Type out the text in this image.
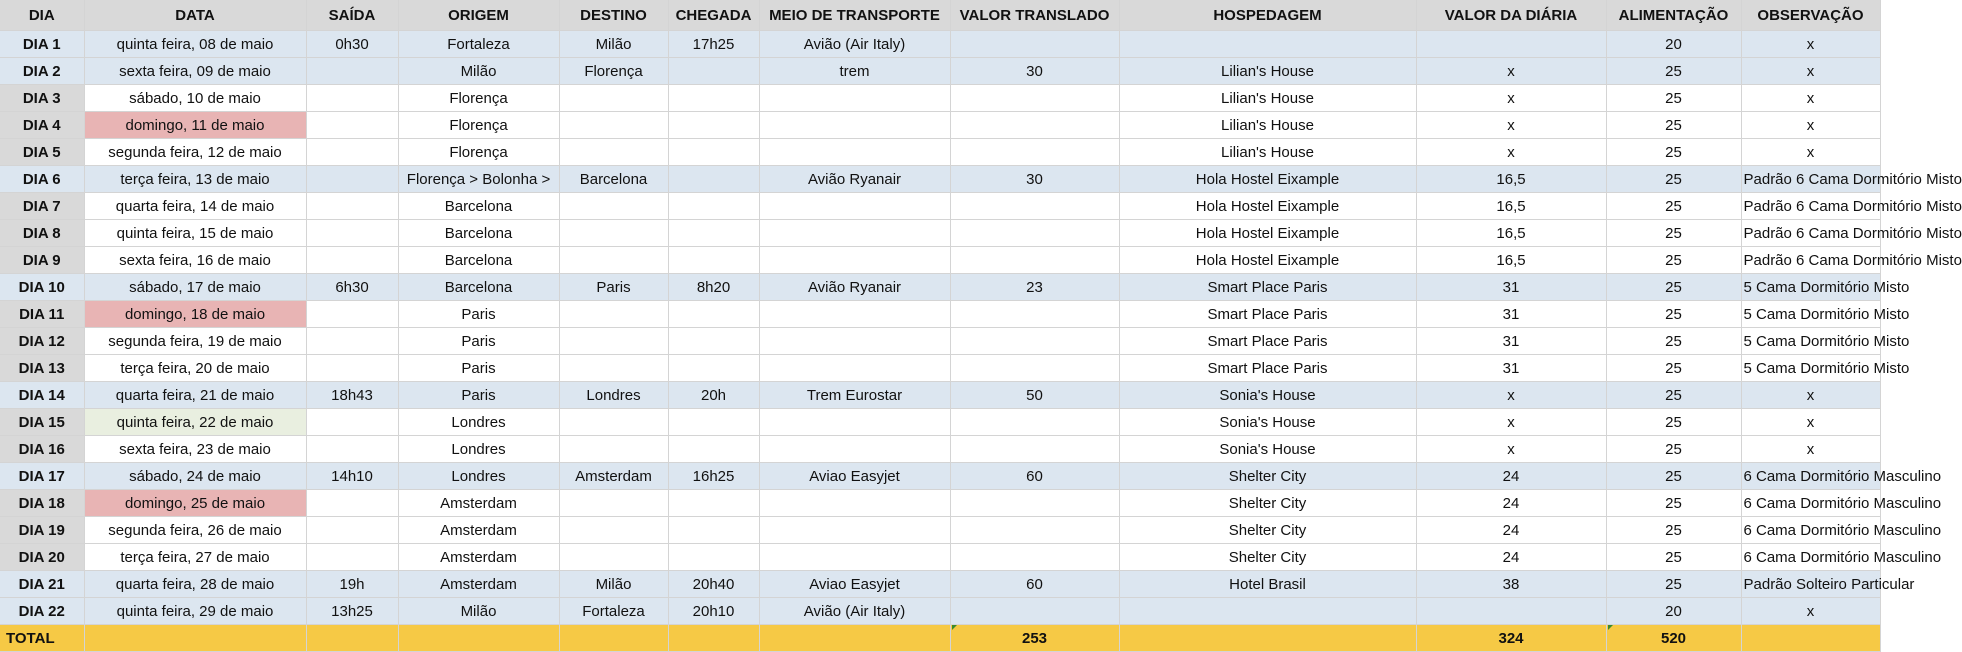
DIA	DATA	SAÍDA	ORIGEM	DESTINO	CHEGADA	MEIO DE TRANSPORTE	VALOR TRANSLADO	HOSPEDAGEM	VALOR DA DIÁRIA	ALIMENTAÇÃO	OBSERVAÇÃO
DIA 1	quinta feira, 08 de maio	0h30	Fortaleza	Milão	17h25	Avião (Air Italy)				20	x
DIA 2	sexta feira, 09 de maio		Milão	Florença		trem	30	Lilian's House	x	25	x
DIA 3	sábado, 10 de maio		Florença					Lilian's House	x	25	x
DIA 4	domingo, 11 de maio		Florença					Lilian's House	x	25	x
DIA 5	segunda feira, 12 de maio		Florença					Lilian's House	x	25	x
DIA 6	terça feira, 13 de maio		Florença > Bolonha >	Barcelona		Avião Ryanair	30	Hola Hostel Eixample	16,5	25	Padrão 6 Cama Dormitório Misto
DIA 7	quarta feira, 14 de maio		Barcelona					Hola Hostel Eixample	16,5	25	Padrão 6 Cama Dormitório Misto
DIA 8	quinta feira, 15 de maio		Barcelona					Hola Hostel Eixample	16,5	25	Padrão 6 Cama Dormitório Misto
DIA 9	sexta feira, 16 de maio		Barcelona					Hola Hostel Eixample	16,5	25	Padrão 6 Cama Dormitório Misto
DIA 10	sábado, 17 de maio	6h30	Barcelona	Paris	8h20	Avião Ryanair	23	Smart Place Paris	31	25	5 Cama Dormitório Misto
DIA 11	domingo, 18 de maio		Paris					Smart Place Paris	31	25	5 Cama Dormitório Misto
DIA 12	segunda feira, 19 de maio		Paris					Smart Place Paris	31	25	5 Cama Dormitório Misto
DIA 13	terça feira, 20 de maio		Paris					Smart Place Paris	31	25	5 Cama Dormitório Misto
DIA 14	quarta feira, 21 de maio	18h43	Paris	Londres	20h	Trem Eurostar	50	Sonia's House	x	25	x
DIA 15	quinta feira, 22 de maio		Londres					Sonia's House	x	25	x
DIA 16	sexta feira, 23 de maio		Londres					Sonia's House	x	25	x
DIA 17	sábado, 24 de maio	14h10	Londres	Amsterdam	16h25	Aviao Easyjet	60	Shelter City	24	25	6 Cama Dormitório Masculino
DIA 18	domingo, 25 de maio		Amsterdam					Shelter City	24	25	6 Cama Dormitório Masculino
DIA 19	segunda feira, 26 de maio		Amsterdam					Shelter City	24	25	6 Cama Dormitório Masculino
DIA 20	terça feira, 27 de maio		Amsterdam					Shelter City	24	25	6 Cama Dormitório Masculino
DIA 21	quarta feira, 28 de maio	19h	Amsterdam	Milão	20h40	Aviao Easyjet	60	Hotel Brasil	38	25	Padrão Solteiro Particular
DIA 22	quinta feira, 29 de maio	13h25	Milão	Fortaleza	20h10	Avião (Air Italy)				20	x
TOTAL							253		324	520	
